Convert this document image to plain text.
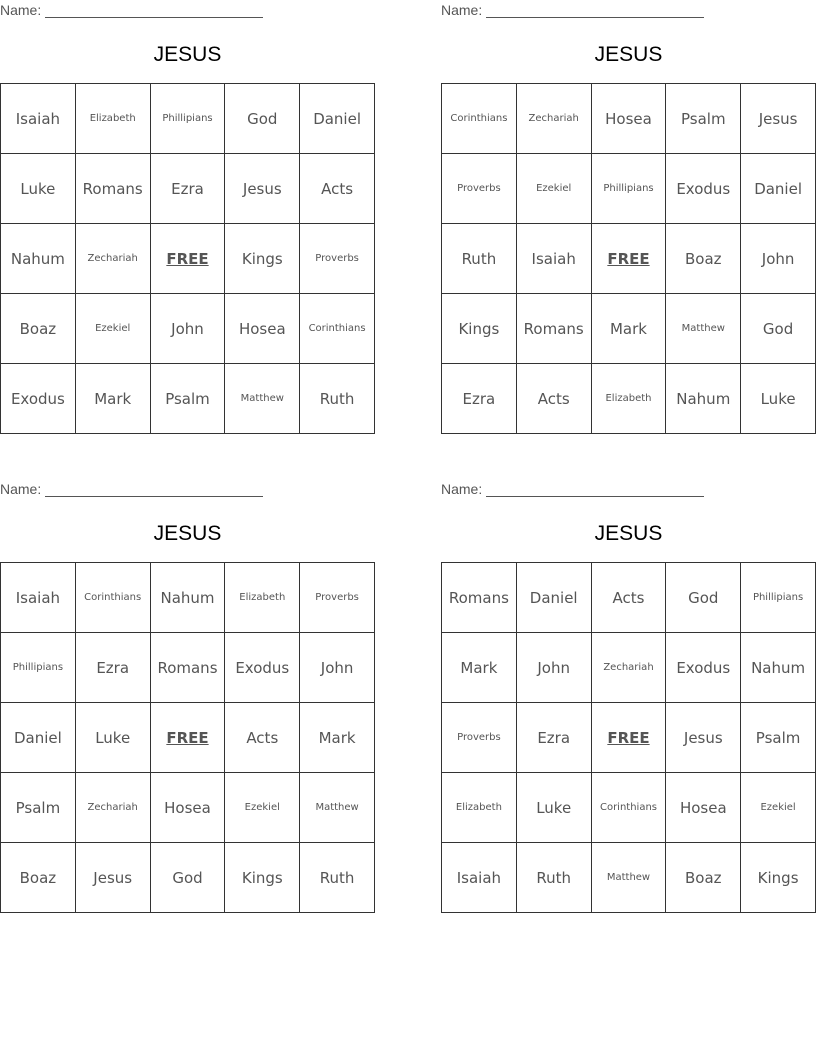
Name:
JESUS
Isaiah	Elizabeth	Phillipians	God	Daniel
Luke	Romans	Ezra	Jesus	Acts
Nahum	Zechariah	FREE	Kings	Proverbs
Boaz	Ezekiel	John	Hosea	Corinthians
Exodus	Mark	Psalm	Matthew	Ruth
Name:
JESUS
Corinthians	Zechariah	Hosea	Psalm	Jesus
Proverbs	Ezekiel	Phillipians	Exodus	Daniel
Ruth	Isaiah	FREE	Boaz	John
Kings	Romans	Mark	Matthew	God
Ezra	Acts	Elizabeth	Nahum	Luke
Name:
JESUS
Isaiah	Corinthians	Nahum	Elizabeth	Proverbs
Phillipians	Ezra	Romans	Exodus	John
Daniel	Luke	FREE	Acts	Mark
Psalm	Zechariah	Hosea	Ezekiel	Matthew
Boaz	Jesus	God	Kings	Ruth
Name:
JESUS
Romans	Daniel	Acts	God	Phillipians
Mark	John	Zechariah	Exodus	Nahum
Proverbs	Ezra	FREE	Jesus	Psalm
Elizabeth	Luke	Corinthians	Hosea	Ezekiel
Isaiah	Ruth	Matthew	Boaz	Kings
